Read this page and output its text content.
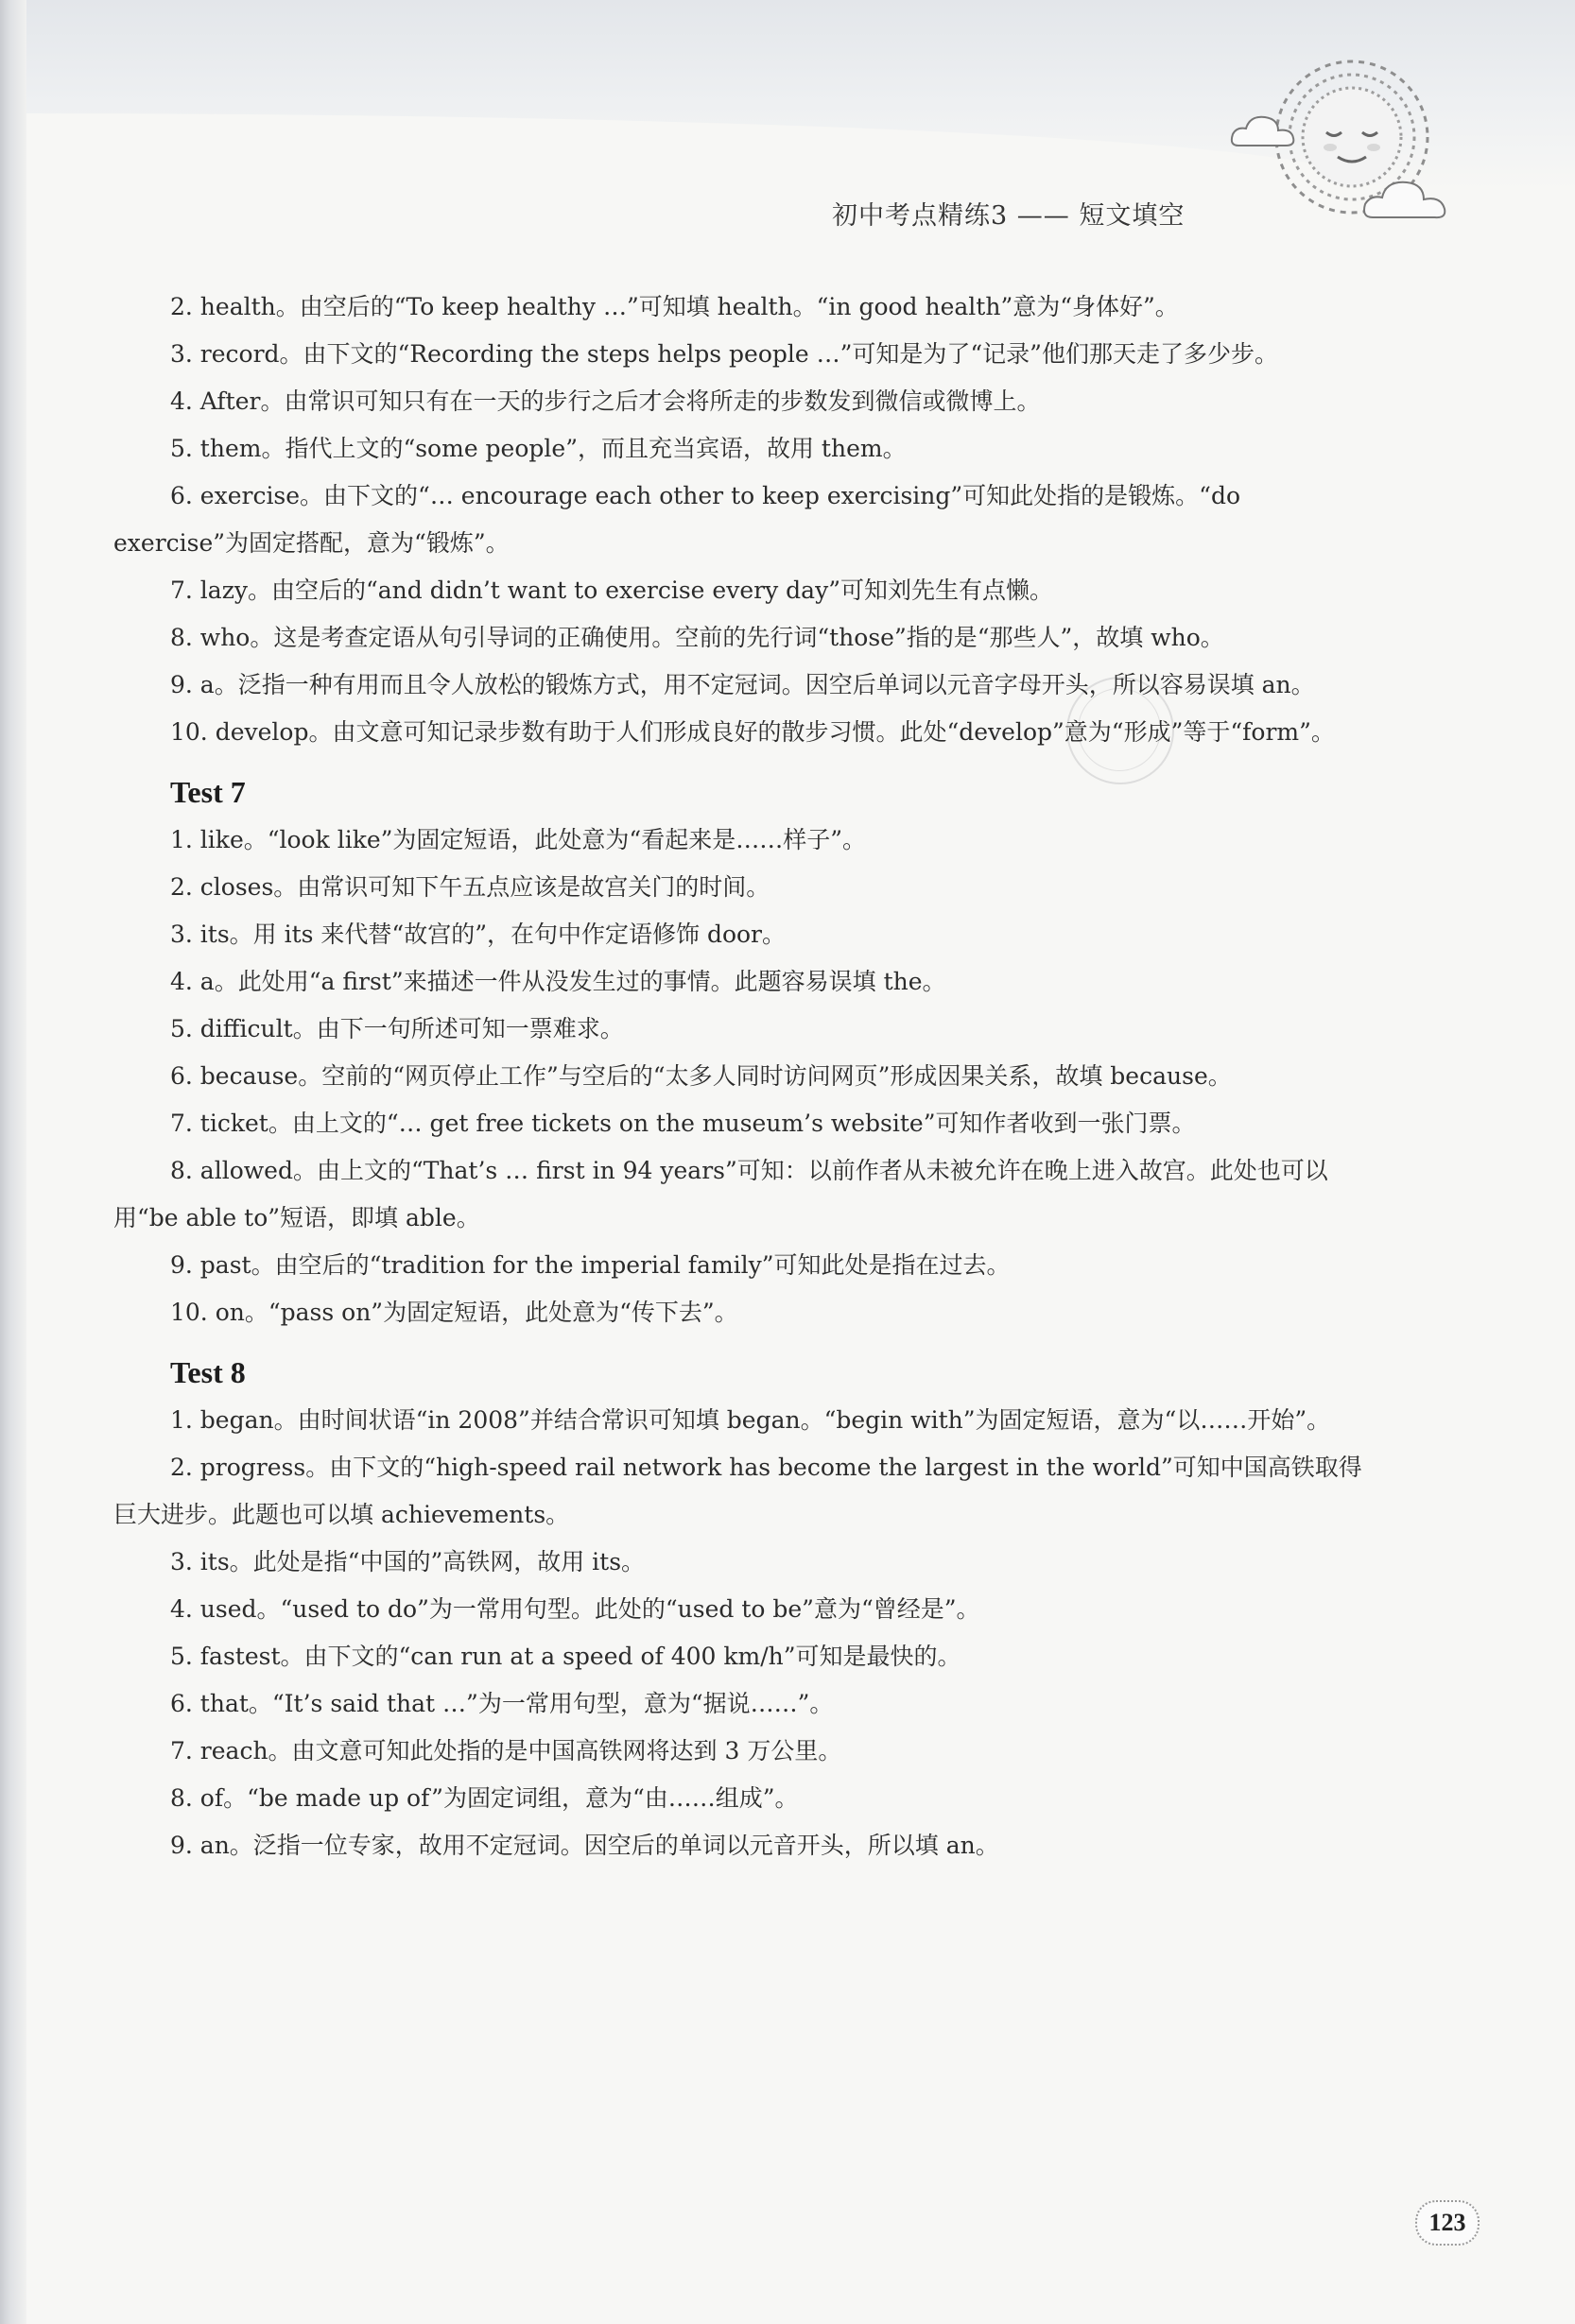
初中考点精练3 —— 短文填空

2. health。由空后的“To keep healthy …”可知填 health。“in good health”意为“身体好”。

3. record。由下文的“Recording the steps helps people …”可知是为了“记录”他们那天走了多少步。

4. After。由常识可知只有在一天的步行之后才会将所走的步数发到微信或微博上。

5. them。指代上文的“some people”，而且充当宾语，故用 them。

6. exercise。由下文的“… encourage each other to keep exercising”可知此处指的是锻炼。“do exercise”为固定搭配，意为“锻炼”。

7. lazy。由空后的“and didn’t want to exercise every day”可知刘先生有点懒。

8. who。这是考查定语从句引导词的正确使用。空前的先行词“those”指的是“那些人”，故填 who。

9. a。泛指一种有用而且令人放松的锻炼方式，用不定冠词。因空后单词以元音字母开头，所以容易误填 an。

10. develop。由文意可知记录步数有助于人们形成良好的散步习惯。此处“develop”意为“形成”等于“form”。

Test 7

1. like。“look like”为固定短语，此处意为“看起来是……样子”。

2. closes。由常识可知下午五点应该是故宫关门的时间。

3. its。用 its 来代替“故宫的”，在句中作定语修饰 door。

4. a。此处用“a first”来描述一件从没发生过的事情。此题容易误填 the。

5. difficult。由下一句所述可知一票难求。

6. because。空前的“网页停止工作”与空后的“太多人同时访问网页”形成因果关系，故填 because。

7. ticket。由上文的“… get free tickets on the museum’s website”可知作者收到一张门票。

8. allowed。由上文的“That’s … first in 94 years”可知：以前作者从未被允许在晚上进入故宫。此处也可以用“be able to”短语，即填 able。

9. past。由空后的“tradition for the imperial family”可知此处是指在过去。

10. on。“pass on”为固定短语，此处意为“传下去”。

Test 8

1. began。由时间状语“in 2008”并结合常识可知填 began。“begin with”为固定短语，意为“以……开始”。

2. progress。由下文的“high-speed rail network has become the largest in the world”可知中国高铁取得巨大进步。此题也可以填 achievements。

3. its。此处是指“中国的”高铁网，故用 its。

4. used。“used to do”为一常用句型。此处的“used to be”意为“曾经是”。

5. fastest。由下文的“can run at a speed of 400 km/h”可知是最快的。

6. that。“It’s said that …”为一常用句型，意为“据说……”。

7. reach。由文意可知此处指的是中国高铁网将达到 3 万公里。

8. of。“be made up of”为固定词组，意为“由……组成”。

9. an。泛指一位专家，故用不定冠词。因空后的单词以元音开头，所以填 an。

123
